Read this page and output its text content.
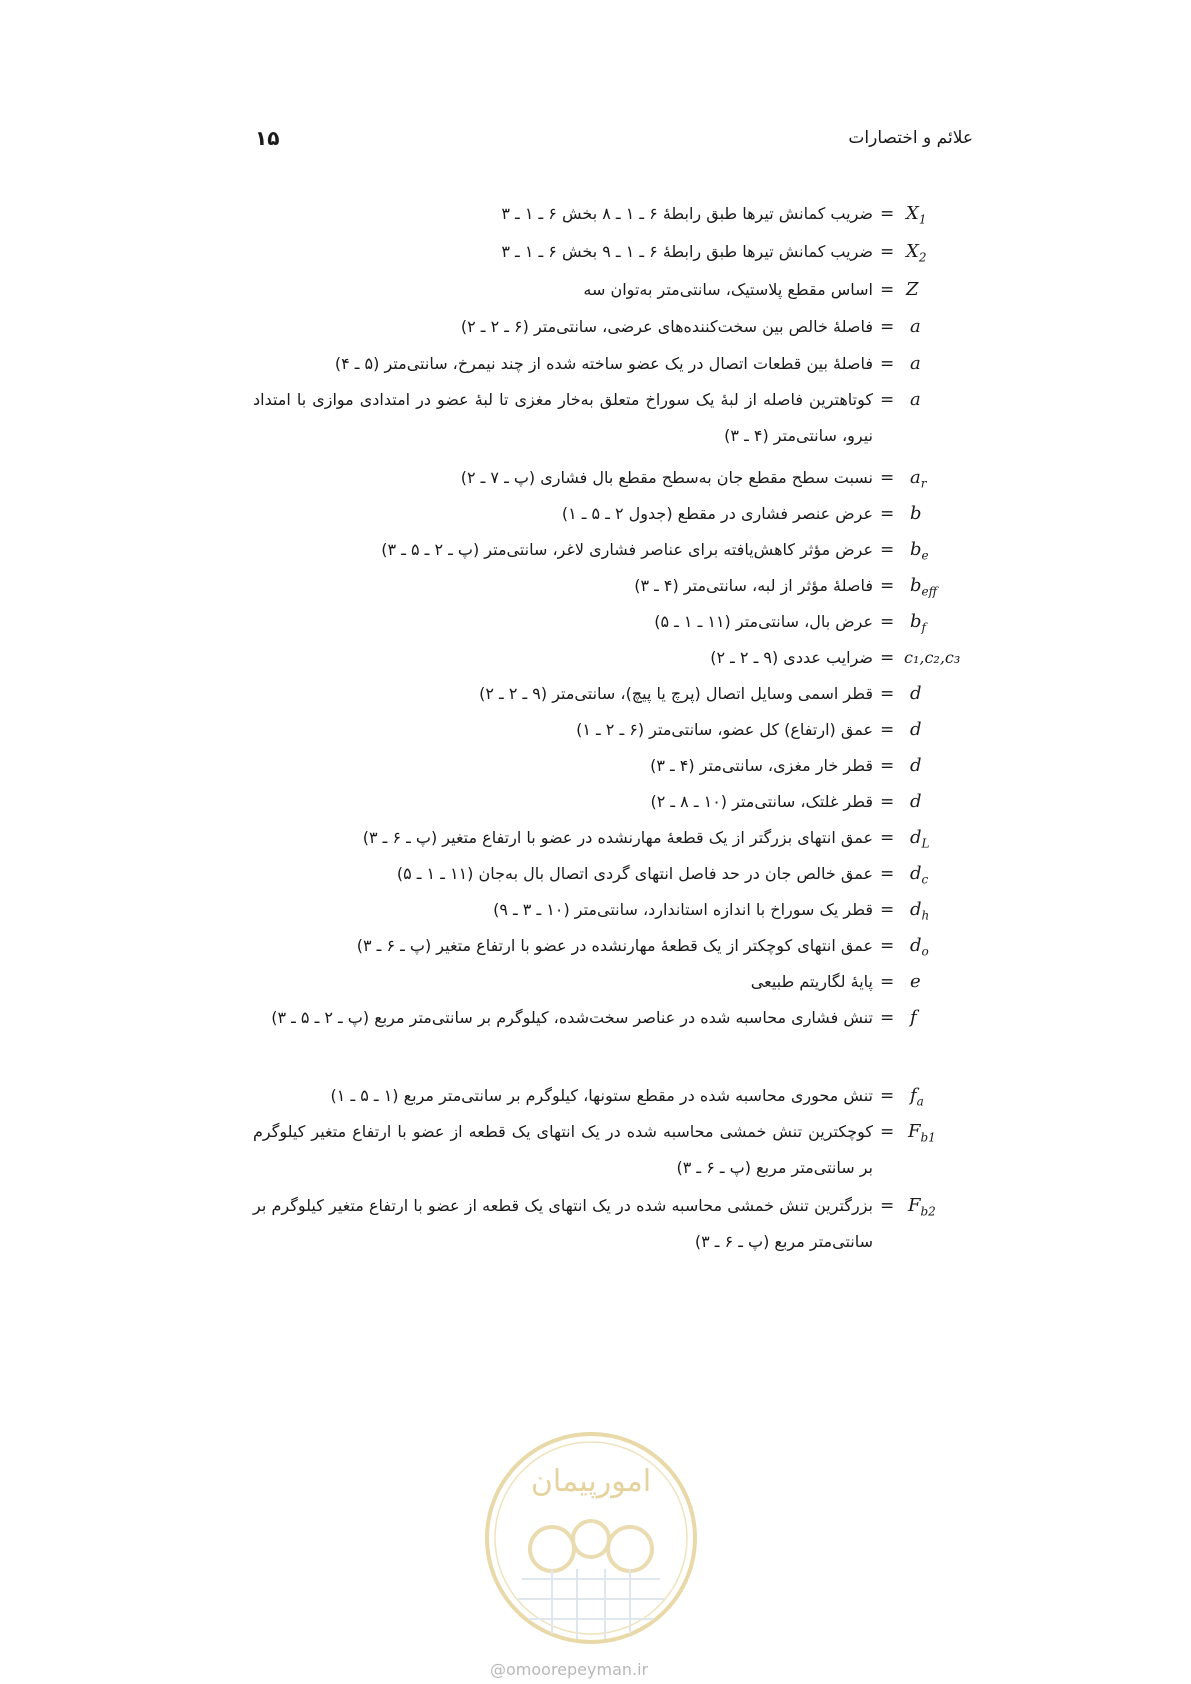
۱۵	علائم و اختصارات
$X_1$
=
ضریب کمانش تیرها طبق رابطهٔ ۶ ـ ۱ ـ ۸ بخش ۶ ـ ۱ ـ ۳
$X_2$
=
ضریب کمانش تیرها طبق رابطهٔ ۶ ـ ۱ ـ ۹ بخش ۶ ـ ۱ ـ ۳
Z
=
اساس مقطع پلاستیک، سانتی‌متر به‌توان سه
a
=
فاصلهٔ خالص بین سخت‌کننده‌های عرضی، سانتی‌متر (۶ ـ ۲ ـ ۲)
a
=
فاصلهٔ بین قطعات اتصال در یک عضو ساخته شده از چند نیمرخ، سانتی‌متر (۵ ـ ۴)
a
=
کوتاهترین فاصله از لبهٔ یک سوراخ متعلق به‌خار مغزی تا لبهٔ عضو در امتدادی موازی با امتداد نیرو، سانتی‌متر (۴ ـ ۳)
$a_r$
=
نسبت سطح مقطع جان به‌سطح مقطع بال فشاری (پ ـ ۷ ـ ۲)
b
=
عرض عنصر فشاری در مقطع (جدول ۲ ـ ۵ ـ ۱)
$b_e$
=
عرض مؤثر کاهش‌یافته برای عناصر فشاری لاغر، سانتی‌متر (پ ـ ۲ ـ ۵ ـ ۳)
$b_{eff}$
=
فاصلهٔ مؤثر از لبه، سانتی‌متر (۴ ـ ۳)
$b_f$
=
عرض بال، سانتی‌متر (۱۱ ـ ۱ ـ ۵)
c₁,c₂,c₃
=
ضرایب عددی (۹ ـ ۲ ـ ۲)
d
=
قطر اسمی وسایل اتصال (پرچ یا پیچ)، سانتی‌متر (۹ ـ ۲ ـ ۲)
d
=
عمق (ارتفاع) کل عضو، سانتی‌متر (۶ ـ ۲ ـ ۱)
d
=
قطر خار مغزی، سانتی‌متر (۴ ـ ۳)
d
=
قطر غلتک، سانتی‌متر (۱۰ ـ ۸ ـ ۲)
$d_L$
=
عمق انتهای بزرگتر از یک قطعهٔ مهارنشده در عضو با ارتفاع متغیر (پ ـ ۶ ـ ۳)
$d_c$
=
عمق خالص جان در حد فاصل انتهای گردی اتصال بال به‌جان (۱۱ ـ ۱ ـ ۵)
$d_h$
=
قطر یک سوراخ با اندازه استاندارد، سانتی‌متر (۱۰ ـ ۳ ـ ۹)
$d_o$
=
عمق انتهای کوچکتر از یک قطعهٔ مهارنشده در عضو با ارتفاع متغیر (پ ـ ۶ ـ ۳)
e
=
پایهٔ لگاریتم طبیعی
f
=
تنش فشاری محاسبه شده در عناصر سخت‌شده، کیلوگرم بر سانتی‌متر مربع (پ ـ ۲ ـ ۵ ـ ۳)
$f_a$
=
تنش محوری محاسبه شده در مقطع ستونها، کیلوگرم بر سانتی‌متر مربع (۱ ـ ۵ ـ ۱)
$F_{b1}$
=
کوچکترین تنش خمشی محاسبه شده در یک انتهای یک قطعه از عضو با ارتفاع متغیر کیلوگرم بر سانتی‌متر مربع (پ ـ ۶ ـ ۳)
$F_{b2}$
=
بزرگترین تنش خمشی محاسبه شده در یک انتهای یک قطعه از عضو با ارتفاع متغیر کیلوگرم بر سانتی‌متر مربع (پ ـ ۶ ـ ۳)
امورپیمان
@omoorepeyman.ir
